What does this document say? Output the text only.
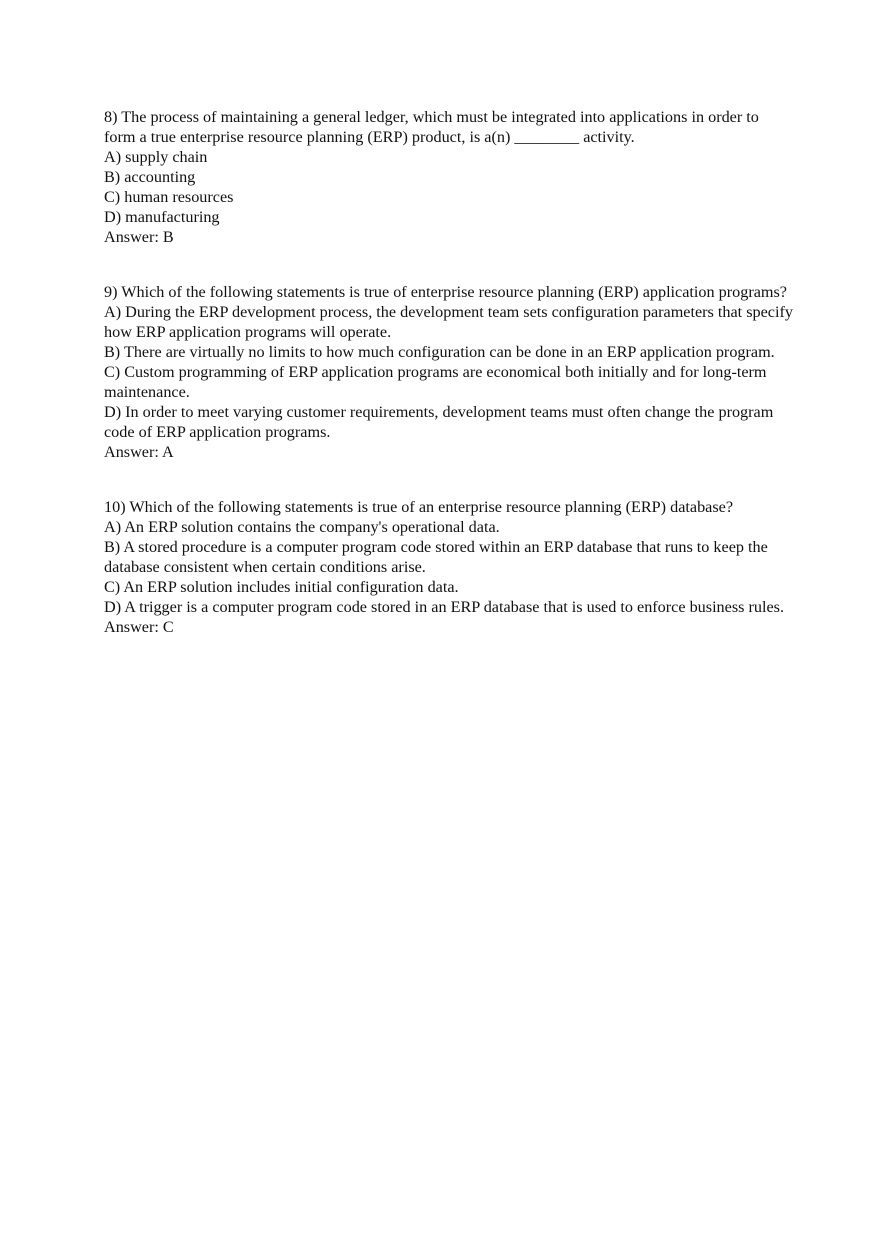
8) The process of maintaining a general ledger, which must be integrated into applications in order to form a true enterprise resource planning (ERP) product, is a(n) ________ activity.
A) supply chain
B) accounting
C) human resources
D) manufacturing
Answer: B
9) Which of the following statements is true of enterprise resource planning (ERP) application programs?
A) During the ERP development process, the development team sets configuration parameters that specify how ERP application programs will operate.
B) There are virtually no limits to how much configuration can be done in an ERP application program.
C) Custom programming of ERP application programs are economical both initially and for long-term maintenance.
D) In order to meet varying customer requirements, development teams must often change the program code of ERP application programs.
Answer: A
10) Which of the following statements is true of an enterprise resource planning (ERP) database?
A) An ERP solution contains the company's operational data.
B) A stored procedure is a computer program code stored within an ERP database that runs to keep the database consistent when certain conditions arise.
C) An ERP solution includes initial configuration data.
D) A trigger is a computer program code stored in an ERP database that is used to enforce business rules.
Answer: C
